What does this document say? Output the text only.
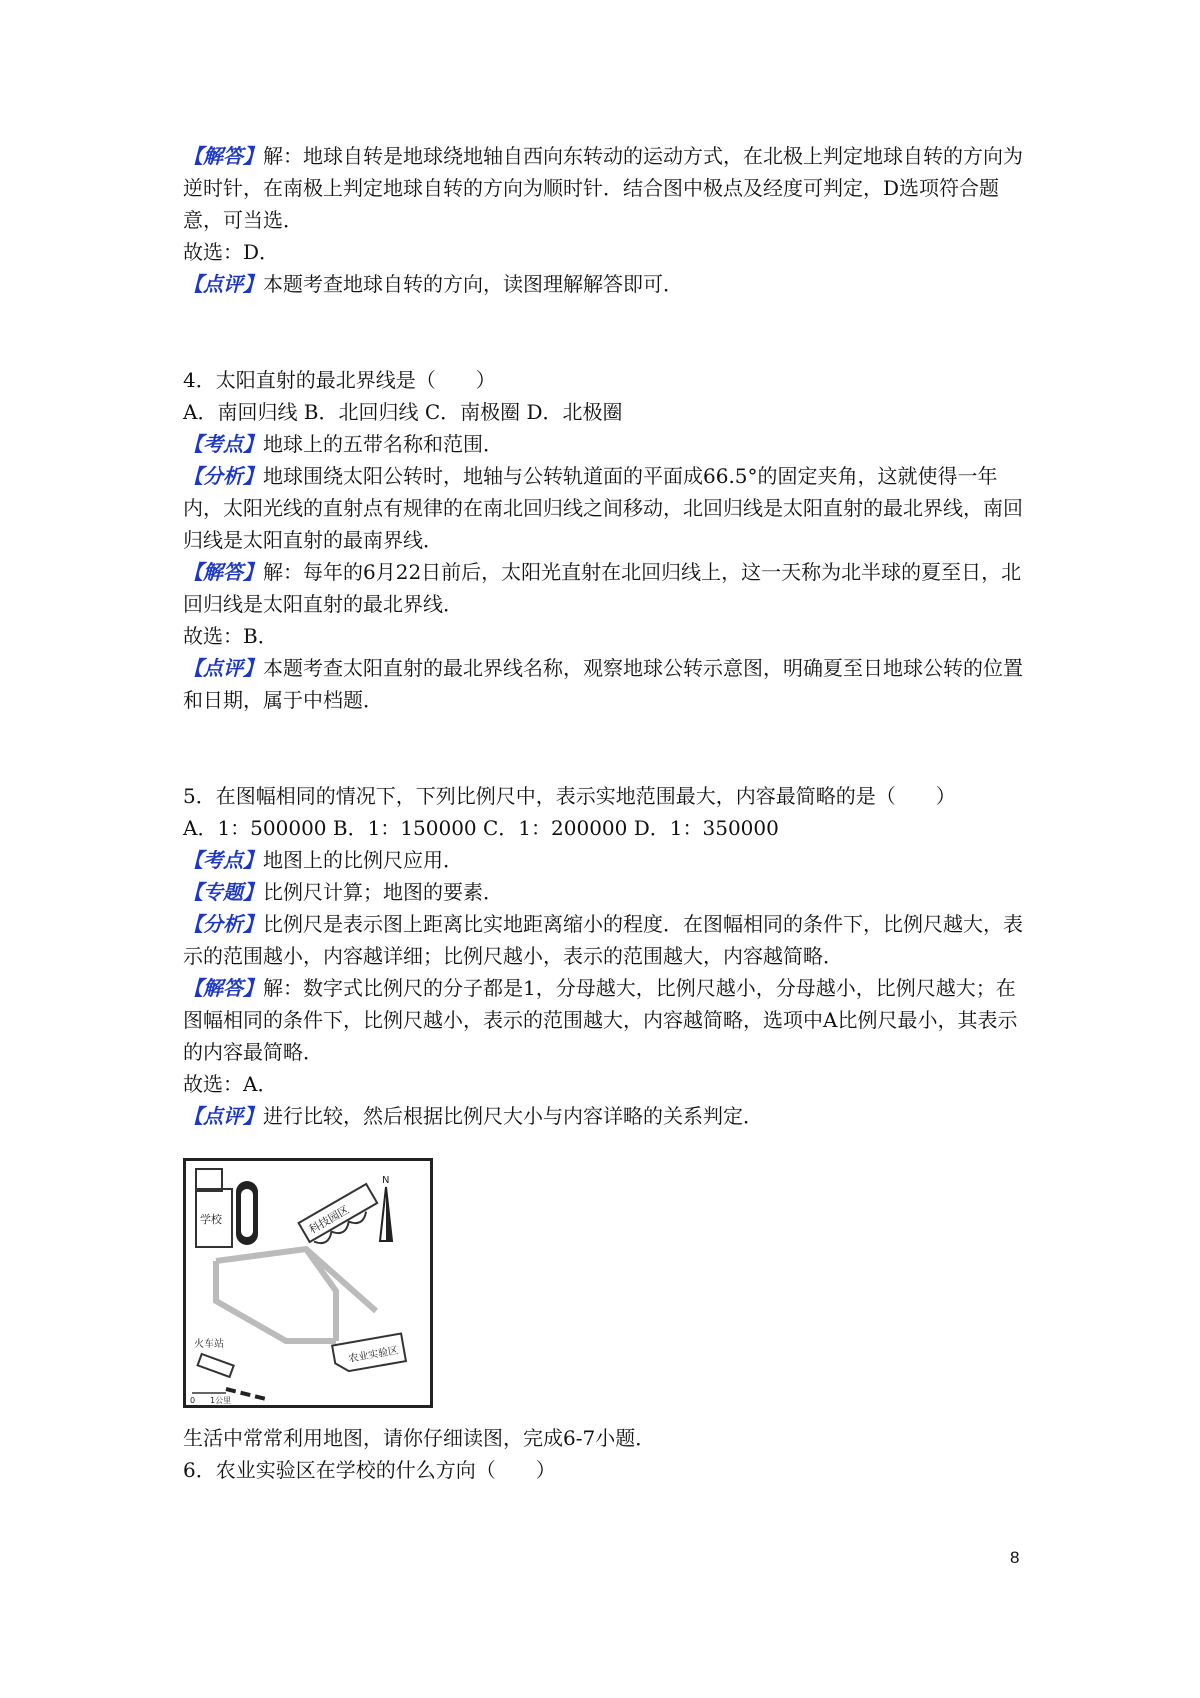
【解答】解：地球自转是地球绕地轴自西向东转动的运动方式，在北极上判定地球自转的方向为逆时针，在南极上判定地球自转的方向为顺时针．结合图中极点及经度可判定，D选项符合题意，可当选．
故选：D．
【点评】本题考查地球自转的方向，读图理解解答即可．
4．太阳直射的最北界线是（　　）
A．南回归线 B．北回归线 C．南极圈 D．北极圈
【考点】地球上的五带名称和范围．
【分析】地球围绕太阳公转时，地轴与公转轨道面的平面成66.5°的固定夹角，这就使得一年内，太阳光线的直射点有规律的在南北回归线之间移动，北回归线是太阳直射的最北界线，南回归线是太阳直射的最南界线．
【解答】解：每年的6月22日前后，太阳光直射在北回归线上，这一天称为北半球的夏至日，北回归线是太阳直射的最北界线．
故选：B．
【点评】本题考查太阳直射的最北界线名称，观察地球公转示意图，明确夏至日地球公转的位置和日期，属于中档题．
5．在图幅相同的情况下，下列比例尺中，表示实地范围最大，内容最简略的是（　　）
A．1：500000 B．1：150000 C．1：200000 D．1：350000
【考点】地图上的比例尺应用．
【专题】比例尺计算；地图的要素．
【分析】比例尺是表示图上距离比实地距离缩小的程度．在图幅相同的条件下，比例尺越大，表示的范围越小，内容越详细；比例尺越小，表示的范围越大，内容越简略．
【解答】解：数字式比例尺的分子都是1，分母越大，比例尺越小，分母越小，比例尺越大；在图幅相同的条件下，比例尺越小，表示的范围越大，内容越简略，选项中A比例尺最小，其表示的内容最简略．
故选：A．
【点评】进行比较，然后根据比例尺大小与内容详略的关系判定．
学校	科技园区
N
农业实验区
火车站
0 1公里
生活中常常利用地图，请你仔细读图，完成6-7小题．
6．农业实验区在学校的什么方向（　　）
8
